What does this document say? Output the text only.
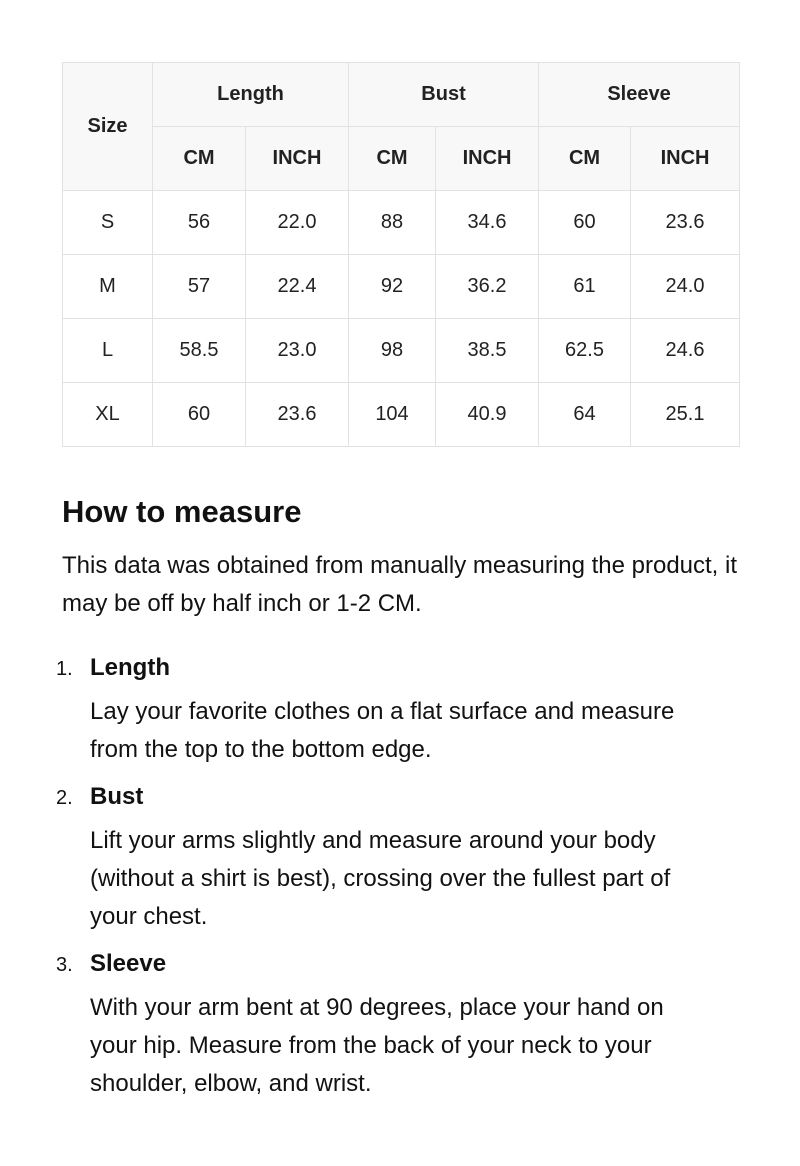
Size	Length		Bust		Sleeve	
	CM	INCH	CM	INCH	CM	INCH
S	56	22.0	88	34.6	60	23.6
M	57	22.4	92	36.2	61	24.0
L	58.5	23.0	98	38.5	62.5	24.6
XL	60	23.6	104	40.9	64	25.1
How to measure

This data was obtained from manually measuring the product, it may be off by half inch or 1-2 CM.

1. Length

Lay your favorite clothes on a flat surface and measure from the top to the bottom edge.

2. Bust

Lift your arms slightly and measure around your body (without a shirt is best), crossing over the fullest part of your chest.

3. Sleeve

With your arm bent at 90 degrees, place your hand on your hip. Measure from the back of your neck to your shoulder, elbow, and wrist.
